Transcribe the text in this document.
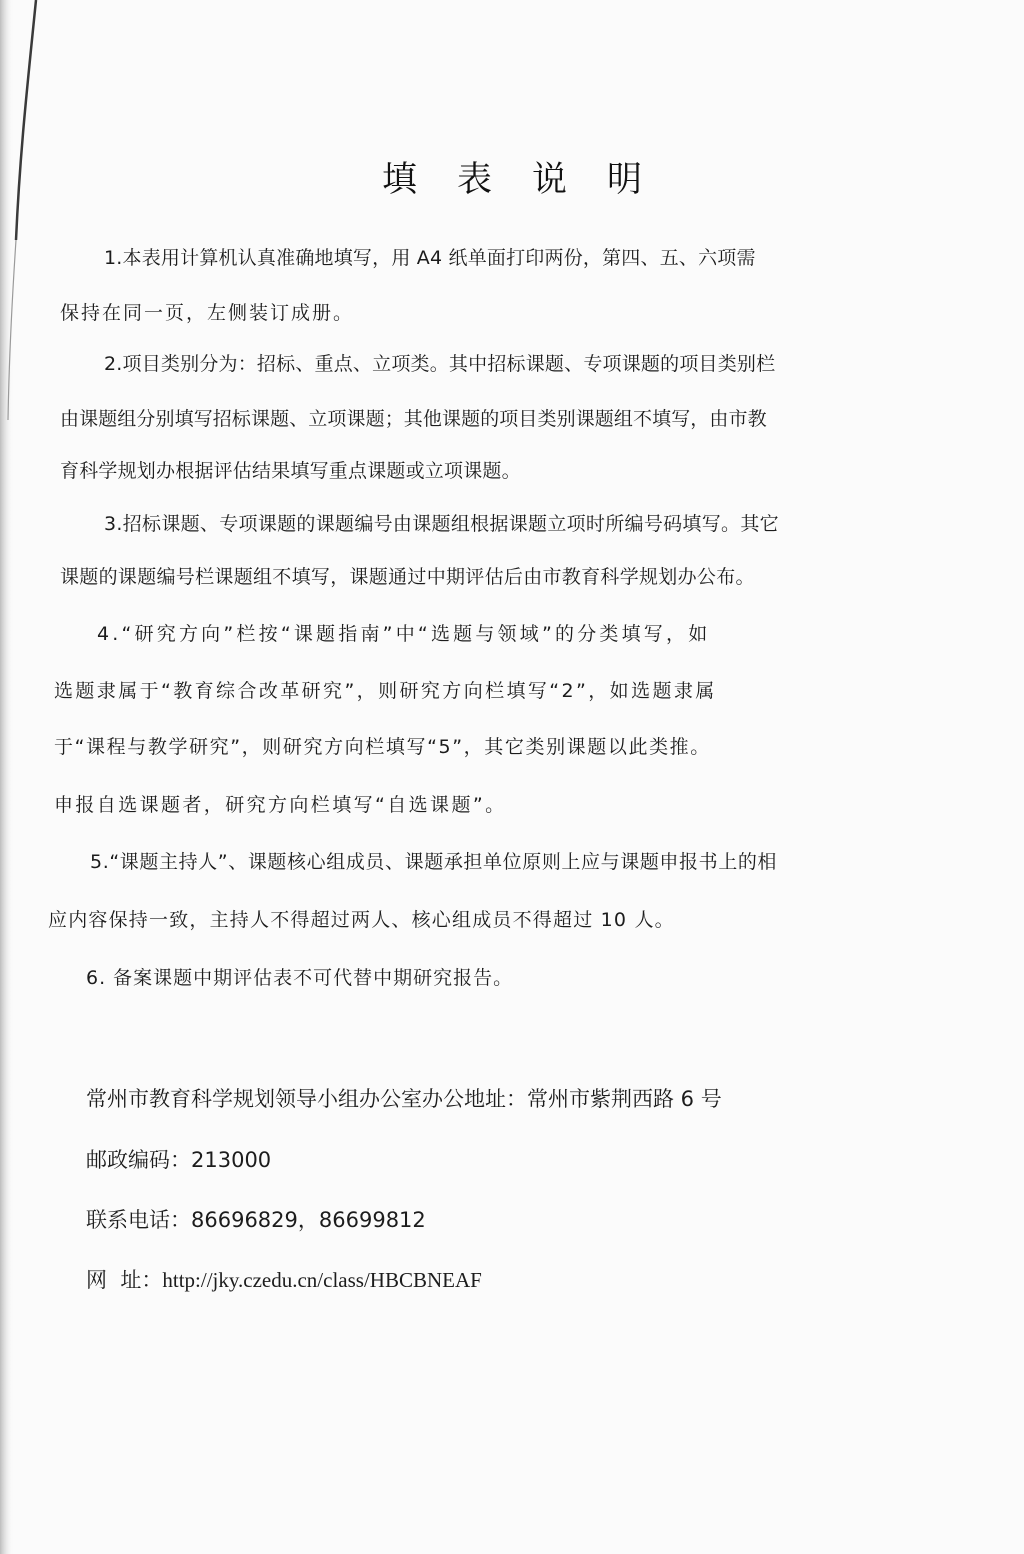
填表说明
1.本表用计算机认真准确地填写，用 A4 纸单面打印两份，第四、五、六项需
保持在同一页，左侧装订成册。
2.项目类别分为：招标、重点、立项类。其中招标课题、专项课题的项目类别栏
由课题组分别填写招标课题、立项课题；其他课题的项目类别课题组不填写，由市教
育科学规划办根据评估结果填写重点课题或立项课题。
3.招标课题、专项课题的课题编号由课题组根据课题立项时所编号码填写。其它
课题的课题编号栏课题组不填写，课题通过中期评估后由市教育科学规划办公布。
4.“研究方向”栏按“课题指南”中“选题与领域”的分类填写，如
选题隶属于“教育综合改革研究”，则研究方向栏填写“2”，如选题隶属
于“课程与教学研究”，则研究方向栏填写“5”，其它类别课题以此类推。
申报自选课题者，研究方向栏填写“自选课题”。
5.“课题主持人”、课题核心组成员、课题承担单位原则上应与课题申报书上的相
应内容保持一致，主持人不得超过两人、核心组成员不得超过 10 人。
6. 备案课题中期评估表不可代替中期研究报告。
常州市教育科学规划领导小组办公室办公地址：常州市紫荆西路 6 号
邮政编码：213000
联系电话：86696829，86699812
网  址：http://jky.czedu.cn/class/HBCBNEAF
